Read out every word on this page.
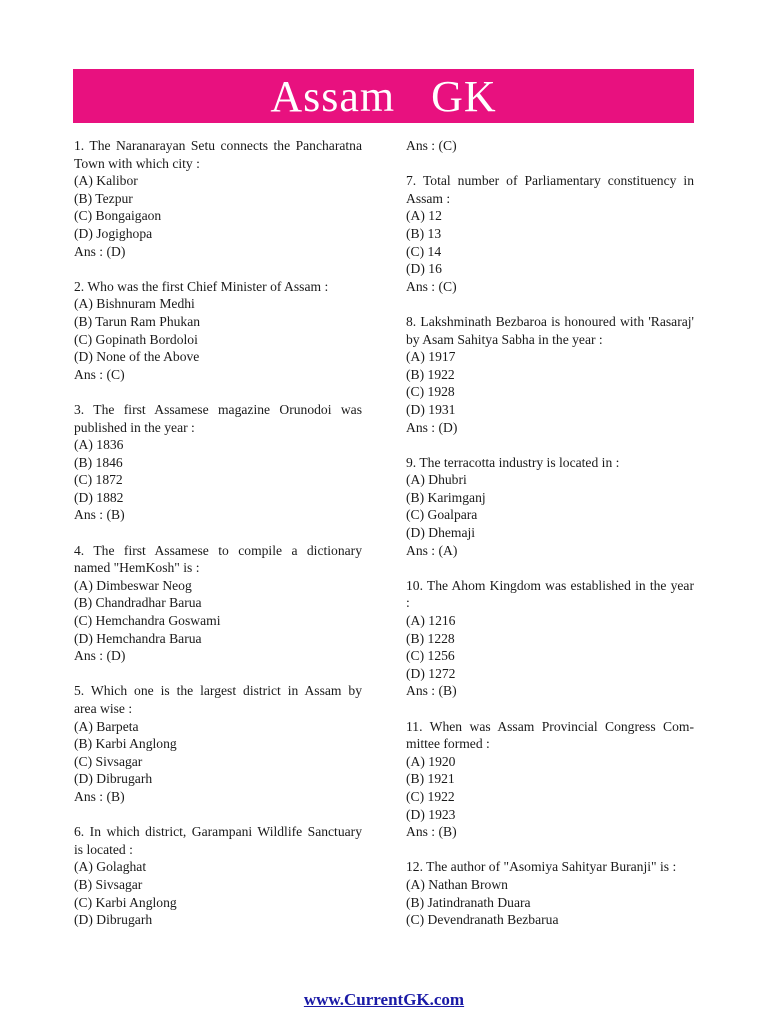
Assam   GK
1. The Naranarayan Setu connects the Pancharatna
Town with which city :
(A) Kalibor
(B) Tezpur
(C) Bongaigaon
(D) Jogighopa
Ans : (D)
2. Who was the first Chief Minister of Assam :
(A) Bishnuram Medhi
(B) Tarun Ram Phukan
(C) Gopinath Bordoloi
(D) None of the Above
Ans : (C)
3. The first Assamese magazine Orunodoi was
published in the year :
(A) 1836
(B) 1846
(C) 1872
(D) 1882
Ans : (B)
4. The first Assamese to compile a dictionary
named "HemKosh" is :
(A) Dimbeswar Neog
(B) Chandradhar Barua
(C) Hemchandra Goswami
(D) Hemchandra Barua
Ans : (D)
5. Which one is the largest district in Assam by
area wise :
(A) Barpeta
(B) Karbi Anglong
(C) Sivsagar
(D) Dibrugarh
Ans : (B)
6. In which district, Garampani Wildlife Sanctuary
is located :
(A) Golaghat
(B) Sivsagar
(C) Karbi Anglong
(D) Dibrugarh
Ans : (C)
7. Total number of Parliamentary constituency in
Assam :
(A) 12
(B) 13
(C) 14
(D) 16
Ans : (C)
8. Lakshminath Bezbaroa is honoured with 'Rasaraj'
by Asam Sahitya Sabha in the year :
(A) 1917
(B) 1922
(C) 1928
(D) 1931
Ans : (D)
9. The terracotta industry is located in :
(A) Dhubri
(B) Karimganj
(C) Goalpara
(D) Dhemaji
Ans : (A)
10. The Ahom Kingdom was established in the year
:
(A) 1216
(B) 1228
(C) 1256
(D) 1272
Ans : (B)
11. When was Assam Provincial Congress Com-
mittee formed :
(A) 1920
(B) 1921
(C) 1922
(D) 1923
Ans : (B)
12. The author of "Asomiya Sahityar Buranji" is :
(A) Nathan Brown
(B) Jatindranath Duara
(C) Devendranath Bezbarua
www.CurrentGK.com
